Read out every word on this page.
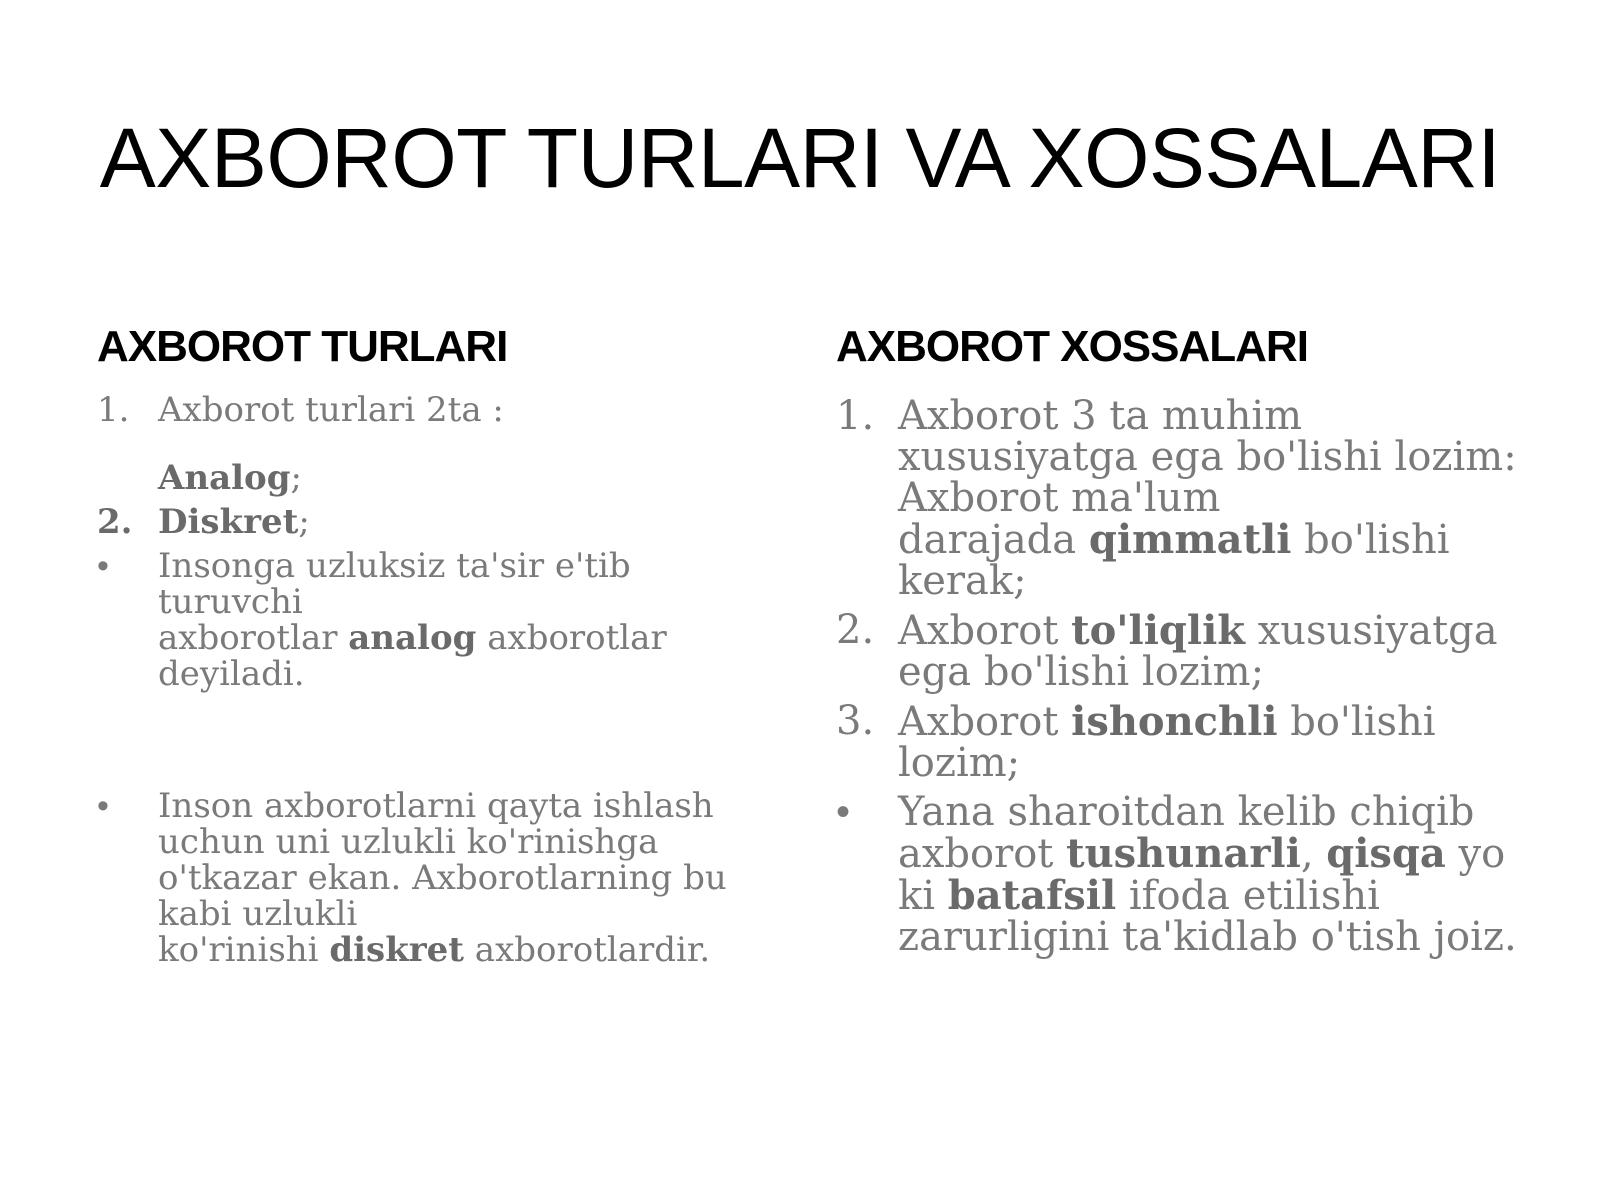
AXBOROT TURLARI VA XOSSALARI
AXBOROT TURLARI
1. Axborot turlari 2ta :
Analog;
2. Diskret;
• Insonga uzluksiz ta'sir e'tib
turuvchi
axborotlar analog axborotlar
deyiladi.
• Inson axborotlarni qayta ishlash
uchun uni uzlukli ko'rinishga
o'tkazar ekan. Axborotlarning bu
kabi uzlukli
ko'rinishi diskret axborotlardir.
AXBOROT XOSSALARI
1. Axborot 3 ta muhim
xususiyatga ega bo'lishi lozim:
Axborot ma'lum
darajada qimmatli bo'lishi
kerak;
2. Axborot to'liqlik xususiyatga
ega bo'lishi lozim;
3. Axborot ishonchli bo'lishi
lozim;
• Yana sharoitdan kelib chiqib
axborot tushunarli, qisqa yo
ki batafsil ifoda etilishi
zarurligini ta'kidlab o'tish joiz.
